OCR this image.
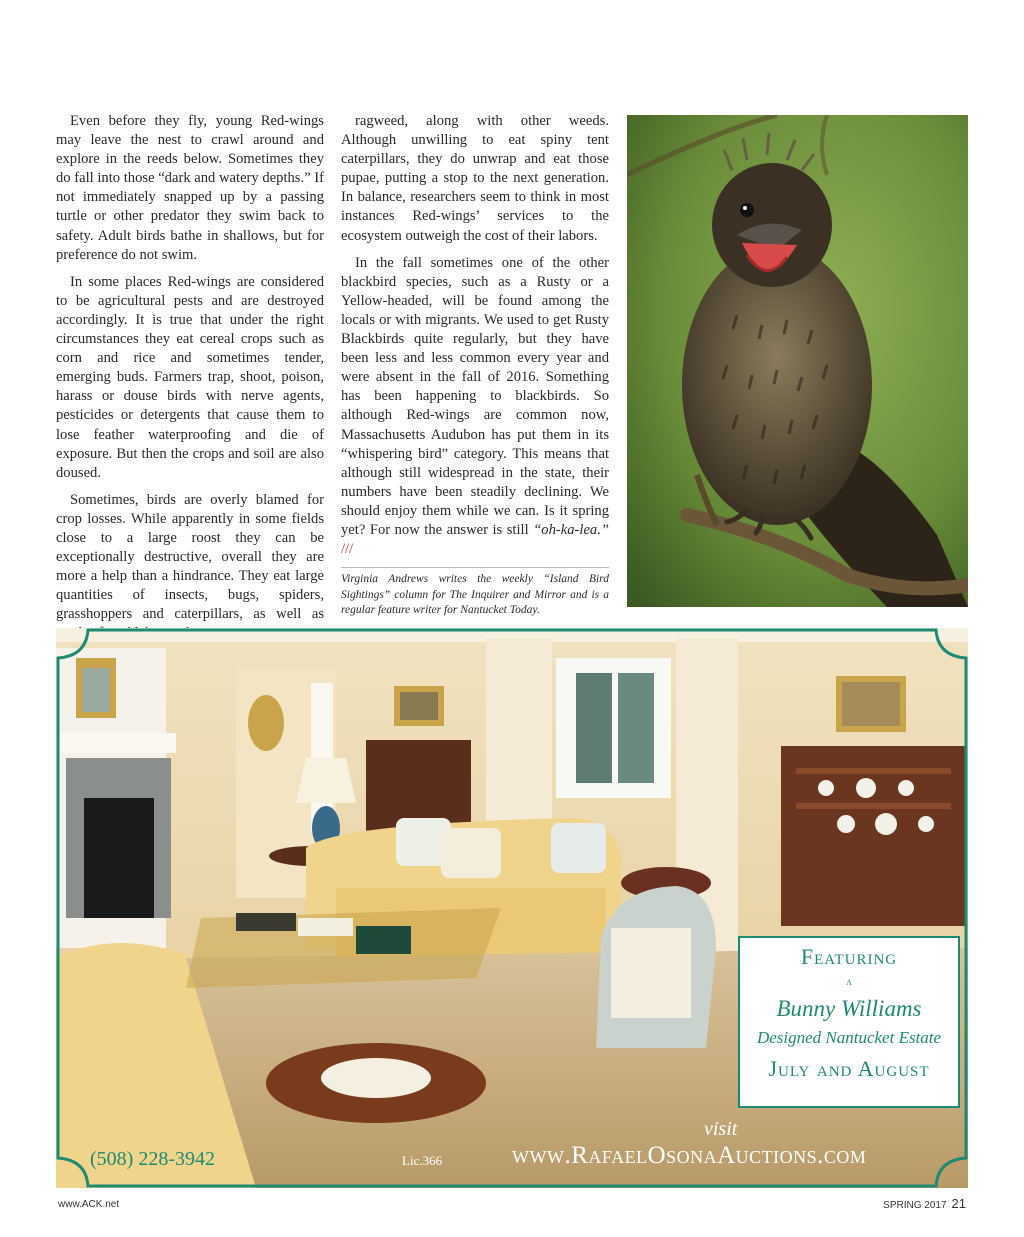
Even before they fly, young Red-wings may leave the nest to crawl around and explore in the reeds below. Sometimes they do fall into those “dark and watery depths.” If not immediately snapped up by a passing turtle or other predator they swim back to safety. Adult birds bathe in shallows, but for preference do not swim.

In some places Red-wings are considered to be agricultural pests and are destroyed accordingly. It is true that under the right circumstances they eat cereal crops such as corn and rice and sometimes tender, emerging buds. Farmers trap, shoot, poison, harass or douse birds with nerve agents, pesticides or detergents that cause them to lose feather waterproofing and die of exposure. But then the crops and soil are also doused.

Sometimes, birds are overly blamed for crop losses. While apparently in some fields close to a large roost they can be exceptionally destructive, overall they are more a help than a hindrance. They eat large quantities of insects, bugs, spiders, grasshoppers and caterpillars, as well as

ragweed, along with other weeds. Although unwilling to eat spiny tent caterpillars, they do unwrap and eat those pupae, putting a stop to the next generation. In balance, researchers seem to think in most instances Red-wings’ services to the ecosystem outweigh the cost of their labors.

In the fall sometimes one of the other blackbird species, such as a Rusty or a Yellow-headed, will be found among the locals or with migrants. We used to get Rusty Blackbirds quite regularly, but they have been less and less common every year and were absent in the fall of 2016. Something has been happening to blackbirds. So although Red-wings are common now, Massachusetts Audubon has put them in its “whispering bird” category. This means that although still widespread in the state, their numbers have been steadily declining. We should enjoy them while we can. Is it spring yet? For now the answer is still “oh-ka-lea.” ///

Virginia Andrews writes the weekly “Island Bird Sightings” column for The Inquirer and Mirror and is a regular feature writer for Nantucket Today.

Featuring
a
Bunny Williams
Designed Nantucket Estate
July and August
visit
www.RafaelOsonaAuctions.com
(508) 228-3942	Lic.366
www.ACK.net	SPRING 2017 21
